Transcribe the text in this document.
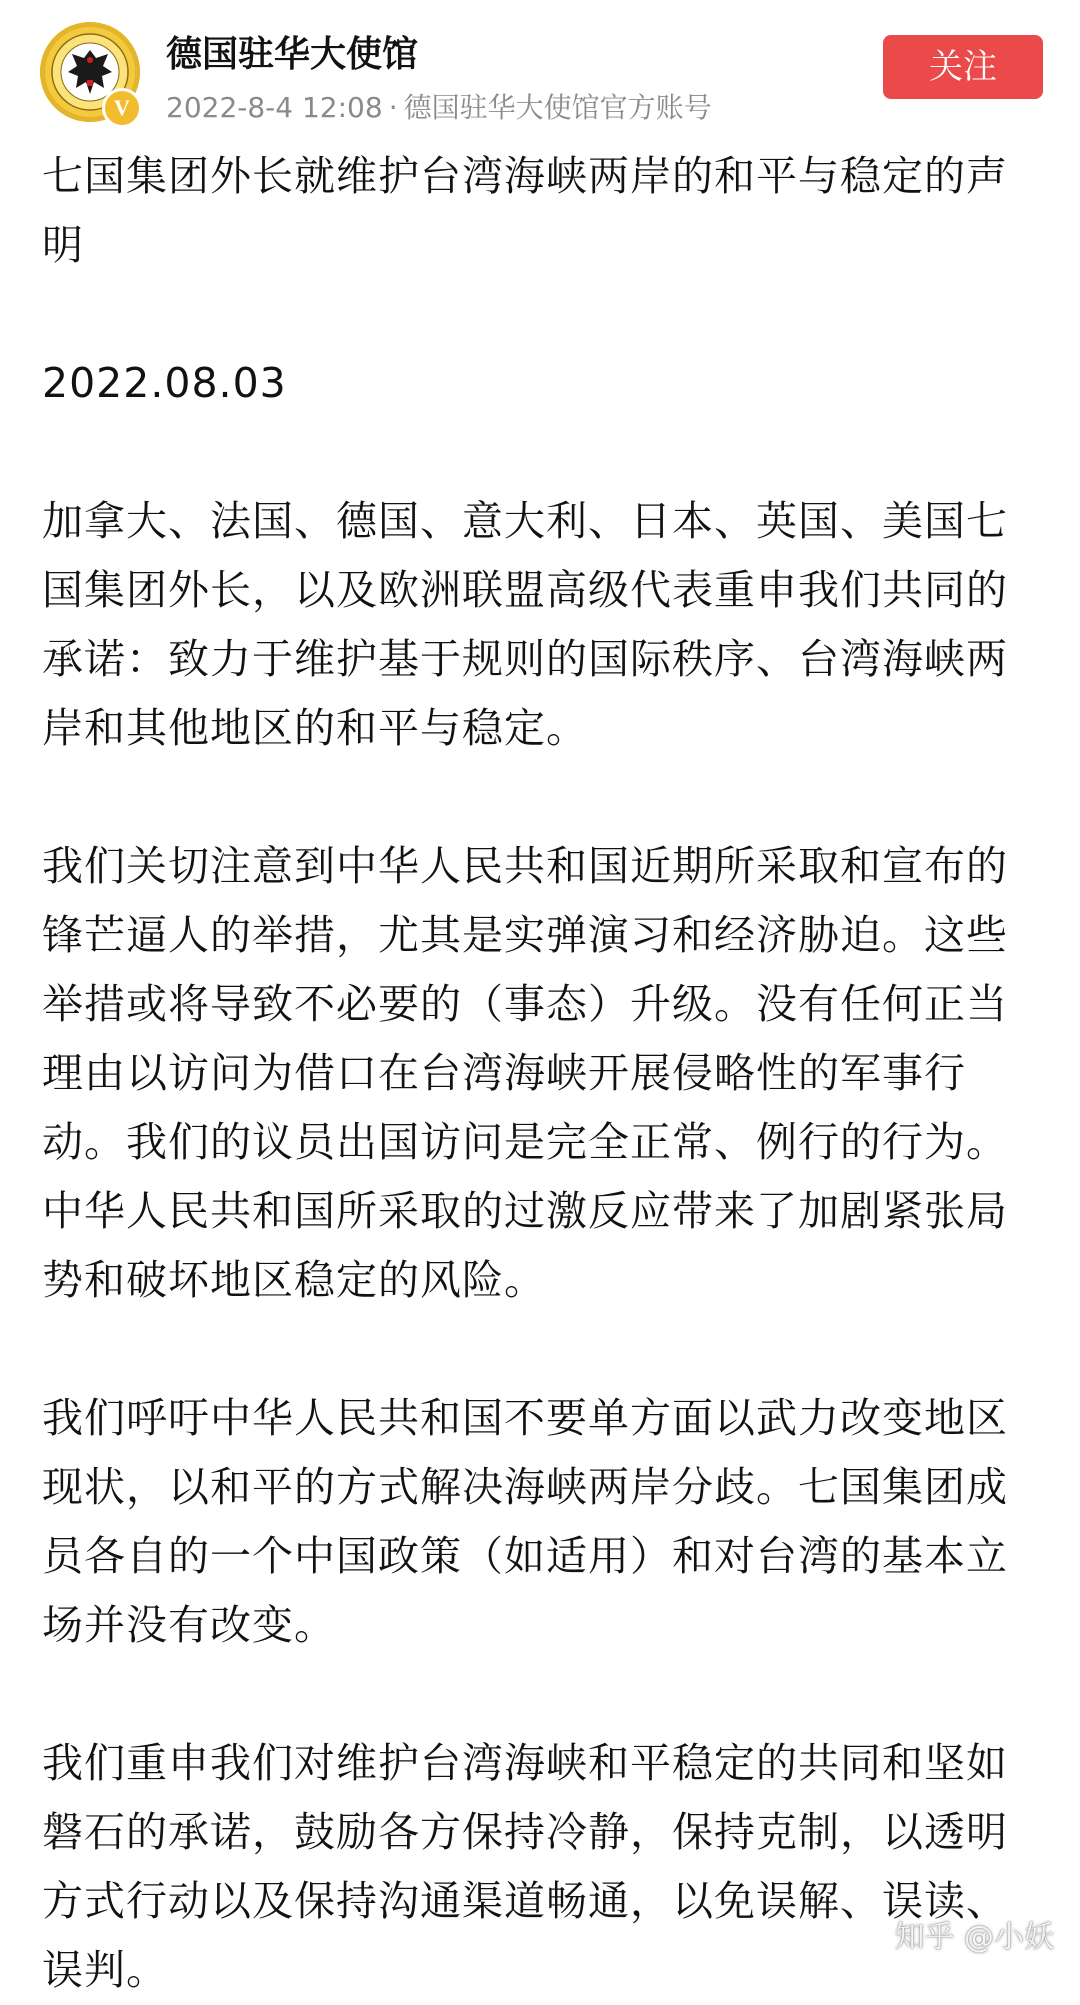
V
德国驻华大使馆
2022-8-4 12:08 · 德国驻华大使馆官方账号
关注

七国集团外长就维护台湾海峡两岸的和平与稳定的声明

2022.08.03

加拿大、法国、德国、意大利、日本、英国、美国七国集团外长，以及欧洲联盟高级代表重申我们共同的承诺：致力于维护基于规则的国际秩序、台湾海峡两岸和其他地区的和平与稳定。

我们关切注意到中华人民共和国近期所采取和宣布的锋芒逼人的举措，尤其是实弹演习和经济胁迫。这些举措或将导致不必要的（事态）升级。没有任何正当理由以访问为借口在台湾海峡开展侵略性的军事行动。我们的议员出国访问是完全正常、例行的行为。中华人民共和国所采取的过激反应带来了加剧紧张局势和破坏地区稳定的风险。

我们呼吁中华人民共和国不要单方面以武力改变地区现状，以和平的方式解决海峡两岸分歧。七国集团成员各自的一个中国政策（如适用）和对台湾的基本立场并没有改变。

我们重申我们对维护台湾海峡和平稳定的共同和坚如磐石的承诺，鼓励各方保持冷静，保持克制，以透明方式行动以及保持沟通渠道畅通，以免误解、误读、误判。

知乎 @小妖
